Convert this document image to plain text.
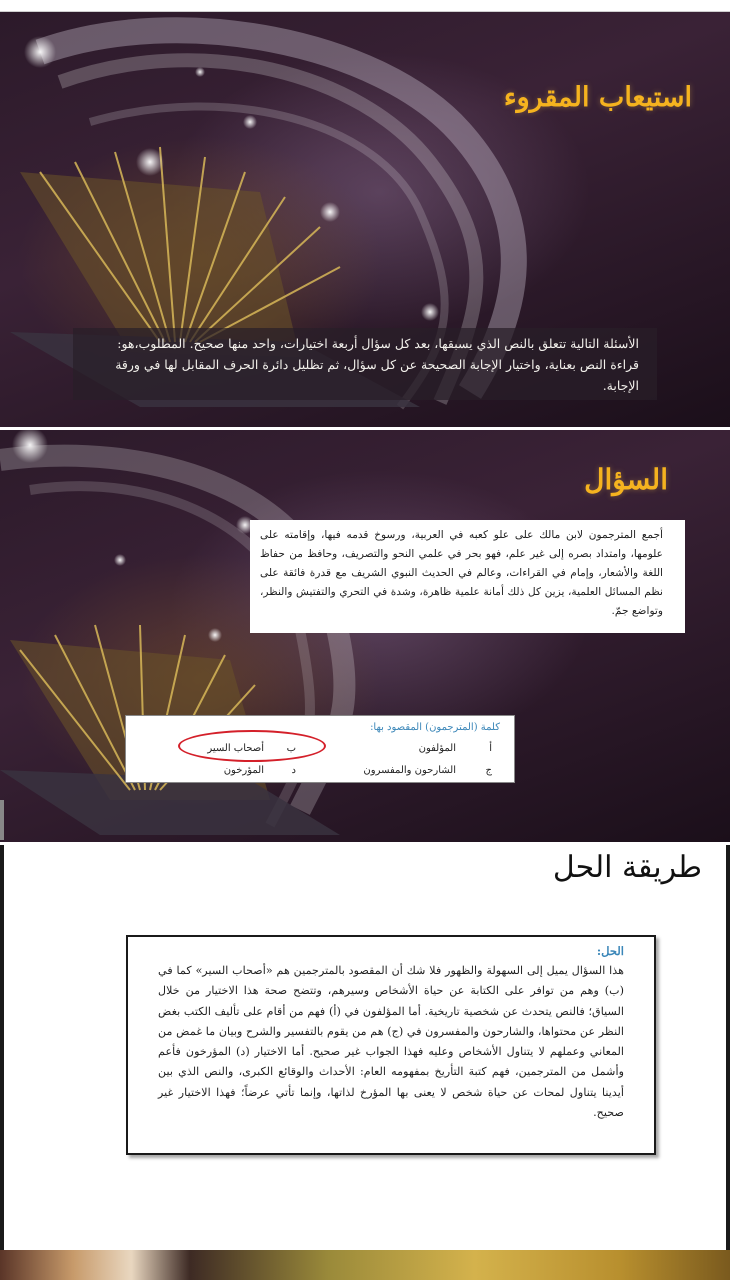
استيعاب المقروء
الأسئلة التالية تتعلق بالنص الذي يسبقها، بعد كل سؤال أربعة اختيارات، واحد منها صحيح. المطلوب،هو: قراءة النص بعناية، واختيار الإجابة الصحيحة عن كل سؤال، ثم تظليل دائرة الحرف المقابل لها في ورقة الإجابة.
السؤال
أجمع المترجمون لابن مالك على علو كعبه في العربية، ورسوخ قدمه فيها، وإقامته على علومها، وامتداد بصره إلى غير علم، فهو بحر في علمي النحو والتصريف، وحافظ من حفاظ اللغة والأشعار، وإمام في القراءات، وعالم في الحديث النبوي الشريف مع قدرة فائقة على نظم المسائل العلمية، يزين كل ذلك أمانة علمية ظاهرة، وشدة في التحري والتفتيش والنظر، وتواضع جمّ.
كلمة (المترجمون) المقصود بها:
أ
المؤلفون
ب
أصحاب السير
ج
الشارحون والمفسرون
د
المؤرخون
طريقة الحل
الحل:
هذا السؤال يميل إلى السهولة والظهور فلا شك أن المقصود بالمترجمين هم «أصحاب السير» كما في (ب) وهم من توافر على الكتابة عن حياة الأشخاص وسيرهم، وتتضح صحة هذا الاختيار من خلال السياق؛ فالنص يتحدث عن شخصية تاريخية. أما المؤلفون في (أ) فهم من أقام على تأليف الكتب بغض النظر عن محتواها، والشارحون والمفسرون في (ج) هم من يقوم بالتفسير والشرح وبيان ما غمض من المعاني وعملهم لا يتناول الأشخاص وعليه فهذا الجواب غير صحيح. أما الاختيار (د) المؤرخون فأعم وأشمل من المترجمين، فهم كتبة التأريخ بمفهومه العام: الأحداث والوقائع الكبرى، والنص الذي بين أيدينا يتناول لمحات عن حياة شخص لا يعنى بها المؤرخ لذاتها، وإنما تأتي عرضاً؛ فهذا الاختيار غير صحيح.
